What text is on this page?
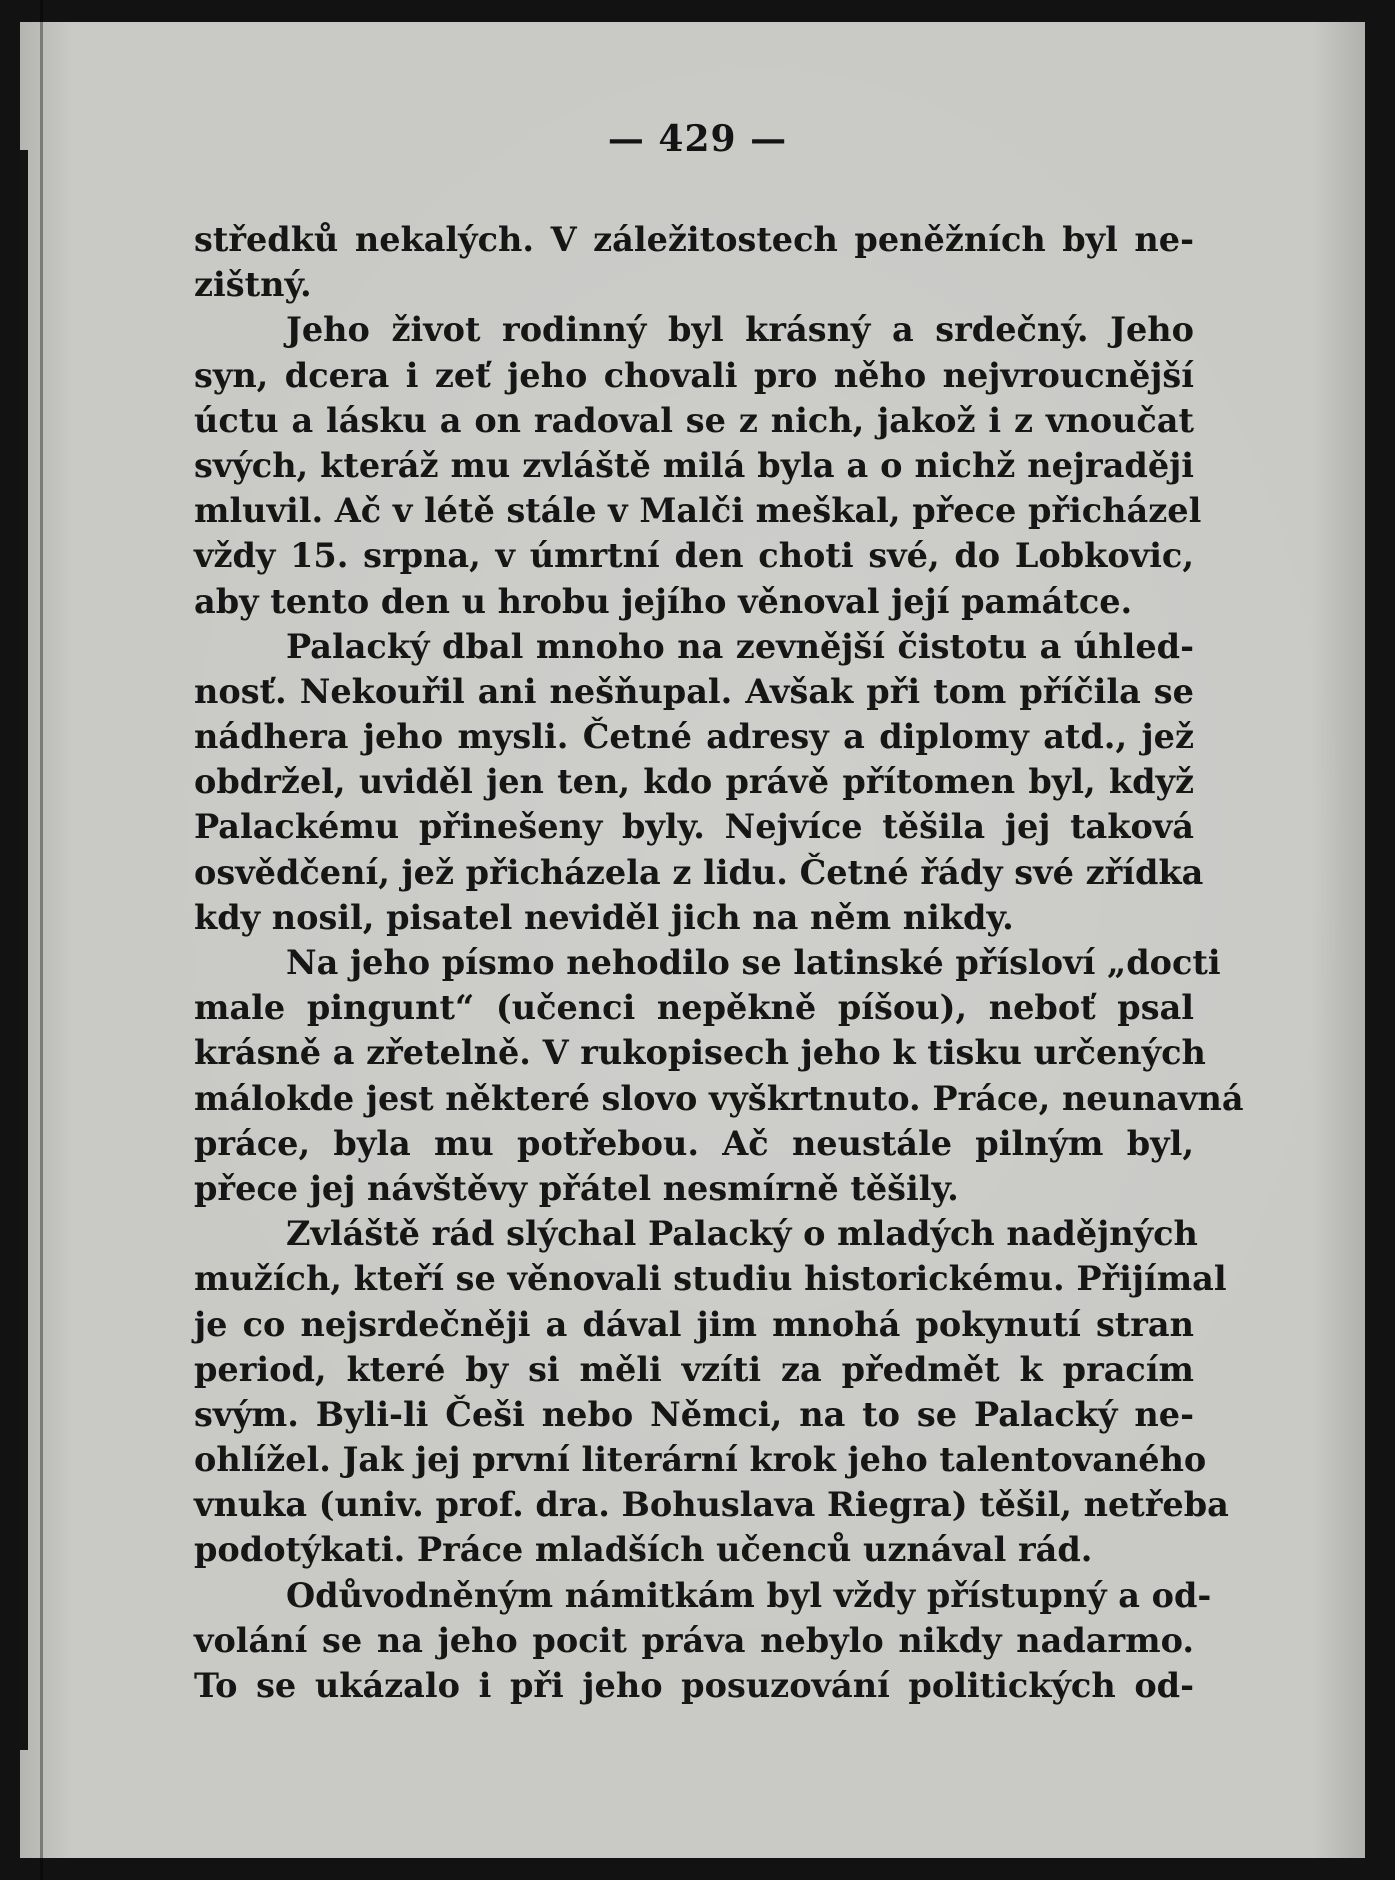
— 429 —
středků nekalých. V záležitostech peněžních byl ne-
zištný.
Jeho život rodinný byl krásný a srdečný. Jeho
syn, dcera i zeť jeho chovali pro něho nejvroucnější
úctu a lásku a on radoval se z nich, jakož i z vnoučat
svých, kteráž mu zvláště milá byla a o nichž nejraději
mluvil. Ač v létě stále v Malči meškal, přece přicházel
vždy 15. srpna, v úmrtní den choti své, do Lobkovic,
aby tento den u hrobu jejího věnoval její památce.
Palacký dbal mnoho na zevnější čistotu a úhled-
nosť. Nekouřil ani nešňupal. Avšak při tom příčila se
nádhera jeho mysli. Četné adresy a diplomy atd., jež
obdržel, uviděl jen ten, kdo právě přítomen byl, když
Palackému přinešeny byly. Nejvíce těšila jej taková
osvědčení, jež přicházela z lidu. Četné řády své zřídka
kdy nosil, pisatel neviděl jich na něm nikdy.
Na jeho písmo nehodilo se latinské přísloví „docti
male pingunt“ (učenci nepěkně píšou), neboť psal
krásně a zřetelně. V rukopisech jeho k tisku určených
málokde jest některé slovo vyškrtnuto. Práce, neunavná
práce, byla mu potřebou. Ač neustále pilným byl,
přece jej návštěvy přátel nesmírně těšily.
Zvláště rád slýchal Palacký o mladých nadějných
mužích, kteří se věnovali studiu historickému. Přijímal
je co nejsrdečněji a dával jim mnohá pokynutí stran
period, které by si měli vzíti za předmět k pracím
svým. Byli-li Češi nebo Němci, na to se Palacký ne-
ohlížel. Jak jej první literární krok jeho talentovaného
vnuka (univ. prof. dra. Bohuslava Riegra) těšil, netřeba
podotýkati. Práce mladších učenců uznával rád.
Odůvodněným námitkám byl vždy přístupný a od-
volání se na jeho pocit práva nebylo nikdy nadarmo.
To se ukázalo i při jeho posuzování politických od-
